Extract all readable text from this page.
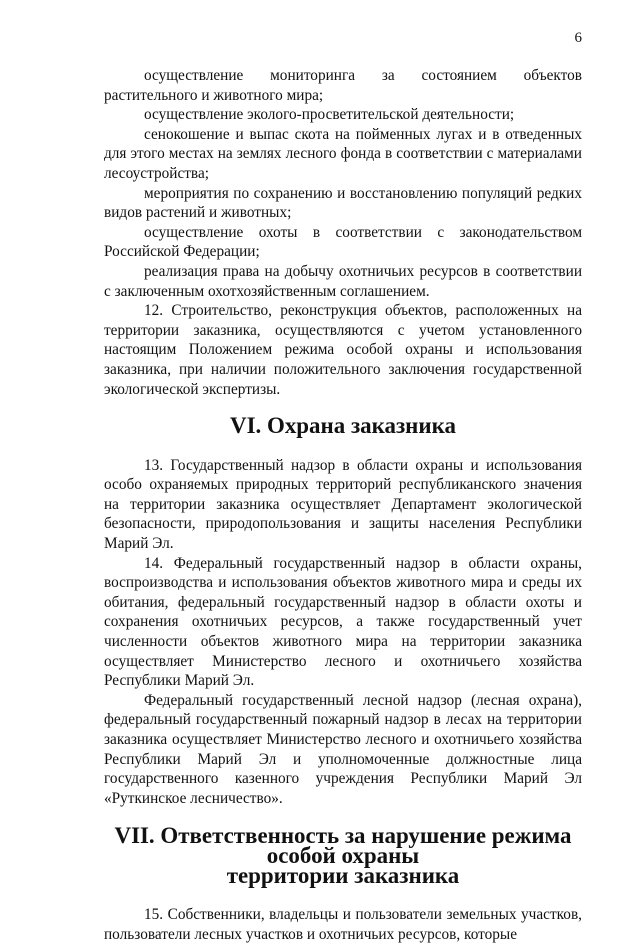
6

осуществление мониторинга за состоянием объектов растительного и животного мира;

осуществление эколого-просветительской деятельности;

сенокошение и выпас скота на пойменных лугах и в отведенных для этого местах на землях лесного фонда в соответствии с материалами лесоустройства;

мероприятия по сохранению и восстановлению популяций редких видов растений и животных;

осуществление охоты в соответствии с законодательством Российской Федерации;

реализация права на добычу охотничьих ресурсов в соответствии с заключенным охотхозяйственным соглашением.

12. Строительство, реконструкция объектов, расположенных на территории заказника, осуществляются с учетом установленного настоящим Положением режима особой охраны и использования заказника, при наличии положительного заключения государственной экологической экспертизы.

VI. Охрана заказника

13. Государственный надзор в области охраны и использования особо охраняемых природных территорий республиканского значения на территории заказника осуществляет Департамент экологической безопасности, природопользования и защиты населения Республики Марий Эл.

14. Федеральный государственный надзор в области охраны, воспроизводства и использования объектов животного мира и среды их обитания, федеральный государственный надзор в области охоты и сохранения охотничьих ресурсов, а также государственный учет численности объектов животного мира на территории заказника осуществляет Министерство лесного и охотничьего хозяйства Республики Марий Эл.

Федеральный государственный лесной надзор (лесная охрана), федеральный государственный пожарный надзор в лесах на территории заказника осуществляет Министерство лесного и охотничьего хозяйства Республики Марий Эл и уполномоченные должностные лица государственного казенного учреждения Республики Марий Эл «Руткинское лесничество».

VII. Ответственность за нарушение режима особой охраны
территории заказника

15. Собственники, владельцы и пользователи земельных участков, пользователи лесных участков и охотничьих ресурсов, которые
